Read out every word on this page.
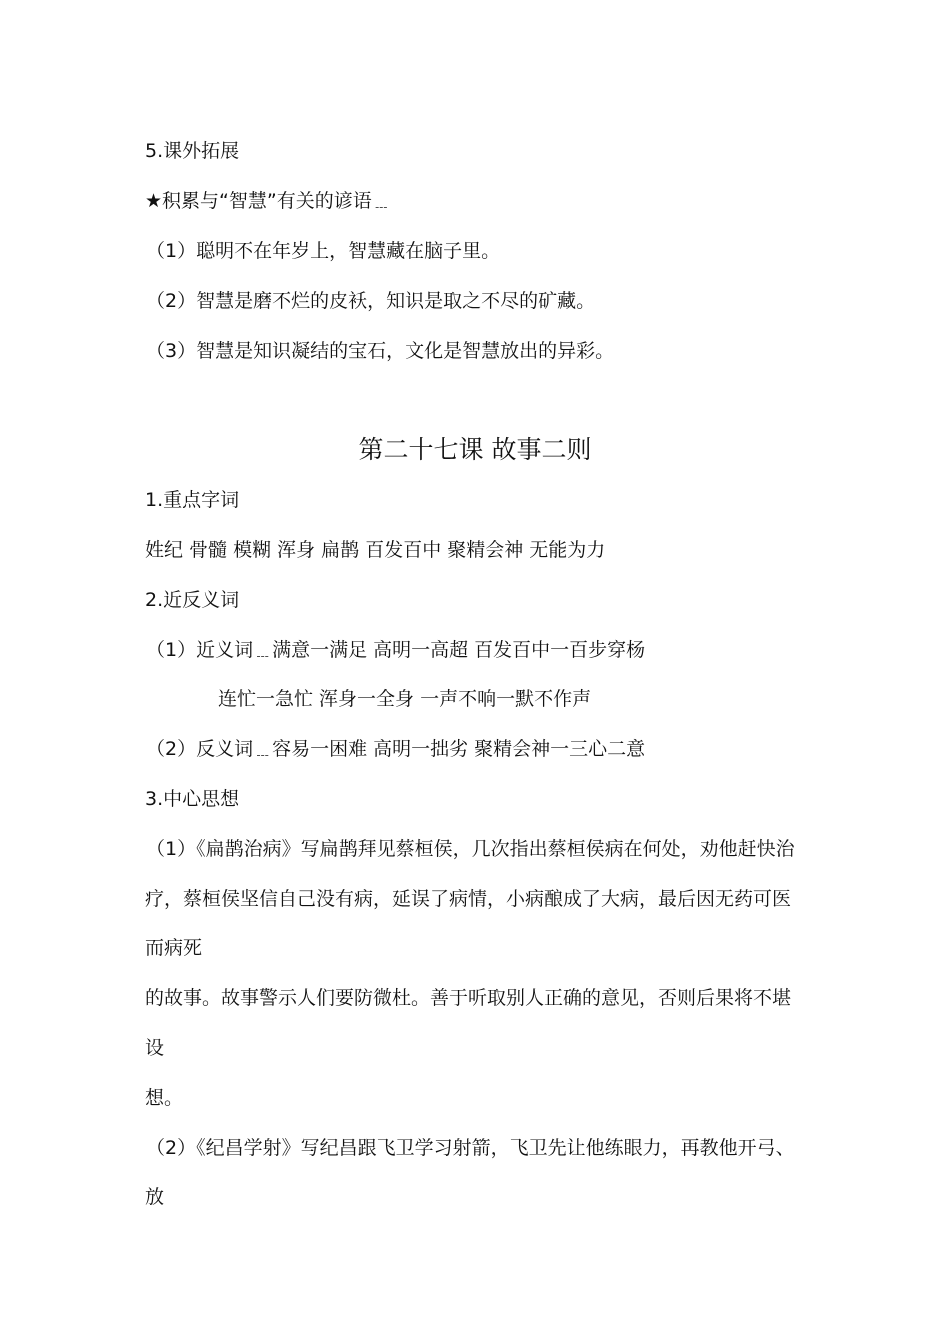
5.课外拓展
★积累与“智慧”有关的谚语﹍
（1）聪明不在年岁上，智慧藏在脑子里。
（2）智慧是磨不烂的皮袄，知识是取之不尽的矿藏。
（3）智慧是知识凝结的宝石，文化是智慧放出的异彩。
第二十七课 故事二则
1.重点字词
姓纪 骨髓 模糊 浑身 扁鹊 百发百中 聚精会神 无能为力
2.近反义词
（1）近义词﹍满意一满足 高明一高超 百发百中一百步穿杨
连忙一急忙 浑身一全身 一声不响一默不作声
（2）反义词﹍容易一困难 高明一拙劣 聚精会神一三心二意
3.中心思想
（1）《扁鹊治病》写扁鹊拜见蔡桓侯，几次指出蔡桓侯病在何处，劝他赶快治
疗，蔡桓侯坚信自己没有病，延误了病情，小病酿成了大病，最后因无药可医
而病死
的故事。故事警示人们要防微杜。善于听取别人正确的意见，否则后果将不堪
设
想。
（2）《纪昌学射》写纪昌跟飞卫学习射箭，飞卫先让他练眼力，再教他开弓、
放
